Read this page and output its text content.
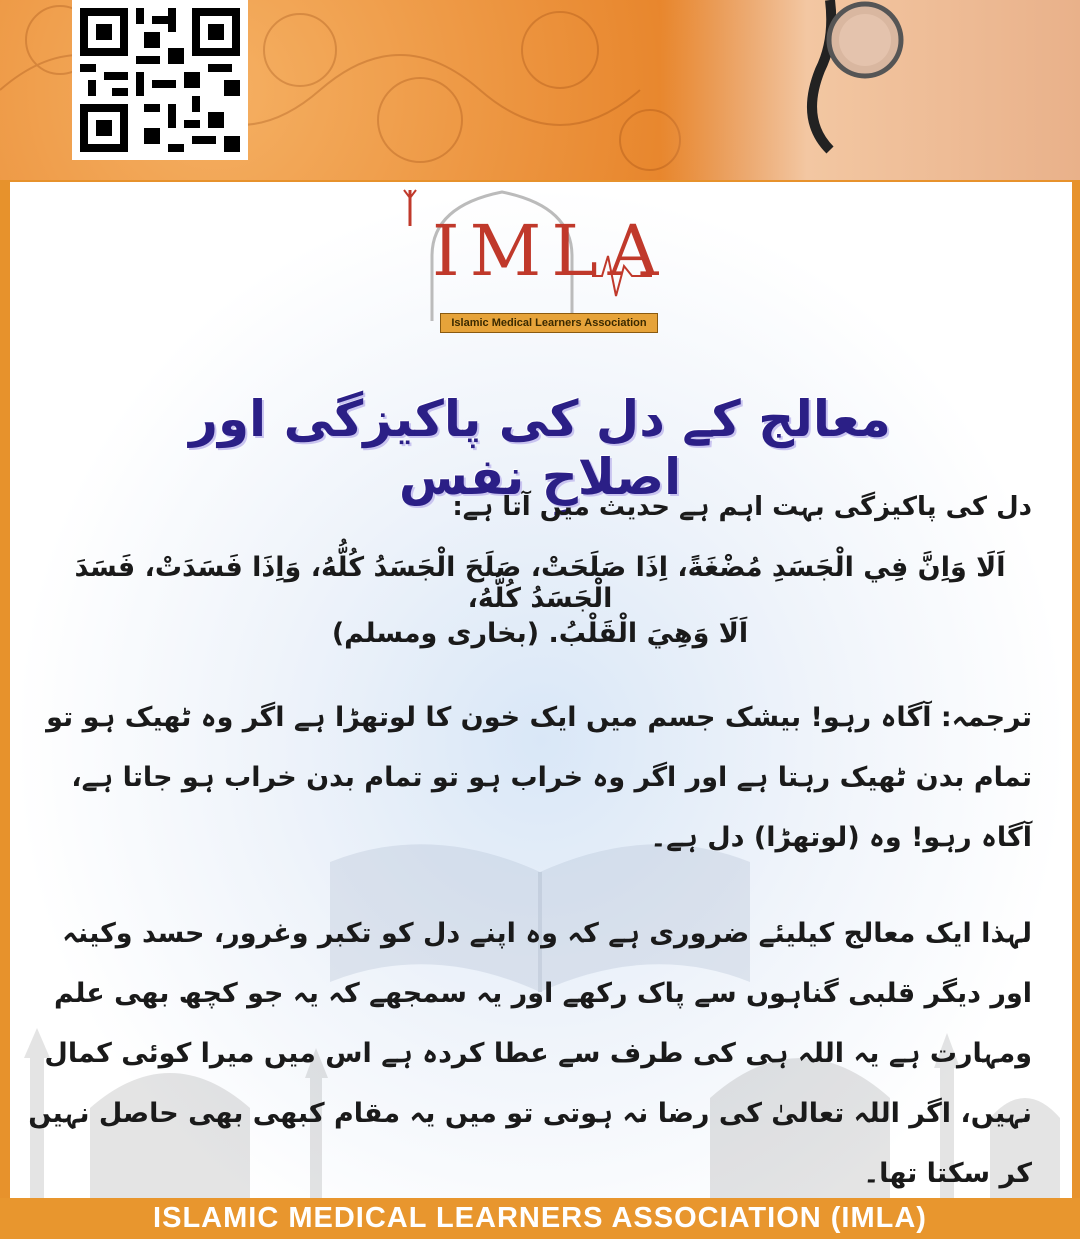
IMLA
Islamic Medical Learners Association
معالج کے دل کی پاکیزگی اور اصلاحِ نفس
دل کی پاکیزگی بہت اہم ہے حدیث میں آتا ہے:
اَلَا وَاِنَّ فِي الْجَسَدِ مُضْغَةً، اِذَا صَلَحَتْ، صَلَحَ الْجَسَدُ كُلُّهُ، وَاِذَا فَسَدَتْ، فَسَدَ الْجَسَدُ كُلُّهُ،
اَلَا وَهِيَ الْقَلْبُ. (بخاری ومسلم)
ترجمہ: آگاہ رہو! بیشک جسم میں ایک خون کا لوتھڑا ہے اگر وہ ٹھیک ہو تو تمام بدن ٹھیک رہتا ہے اور اگر وہ خراب ہو تو تمام بدن خراب ہو جاتا ہے، آگاہ رہو! وہ (لوتھڑا) دل ہے۔
لہذا ایک معالج کیلیئے ضروری ہے کہ وہ اپنے دل کو تکبر وغرور، حسد وکینہ اور دیگر قلبی گناہوں سے پاک رکھے اور یہ سمجھے کہ یہ جو کچھ بھی علم ومہارت ہے یہ اللہ ہی کی طرف سے عطا کردہ ہے اس میں میرا کوئی کمال نہیں، اگر اللہ تعالیٰ کی رضا نہ ہوتی تو میں یہ مقام کبھی بھی حاصل نہیں کر سکتا تھا۔
ISLAMIC MEDICAL LEARNERS ASSOCIATION (IMLA)
